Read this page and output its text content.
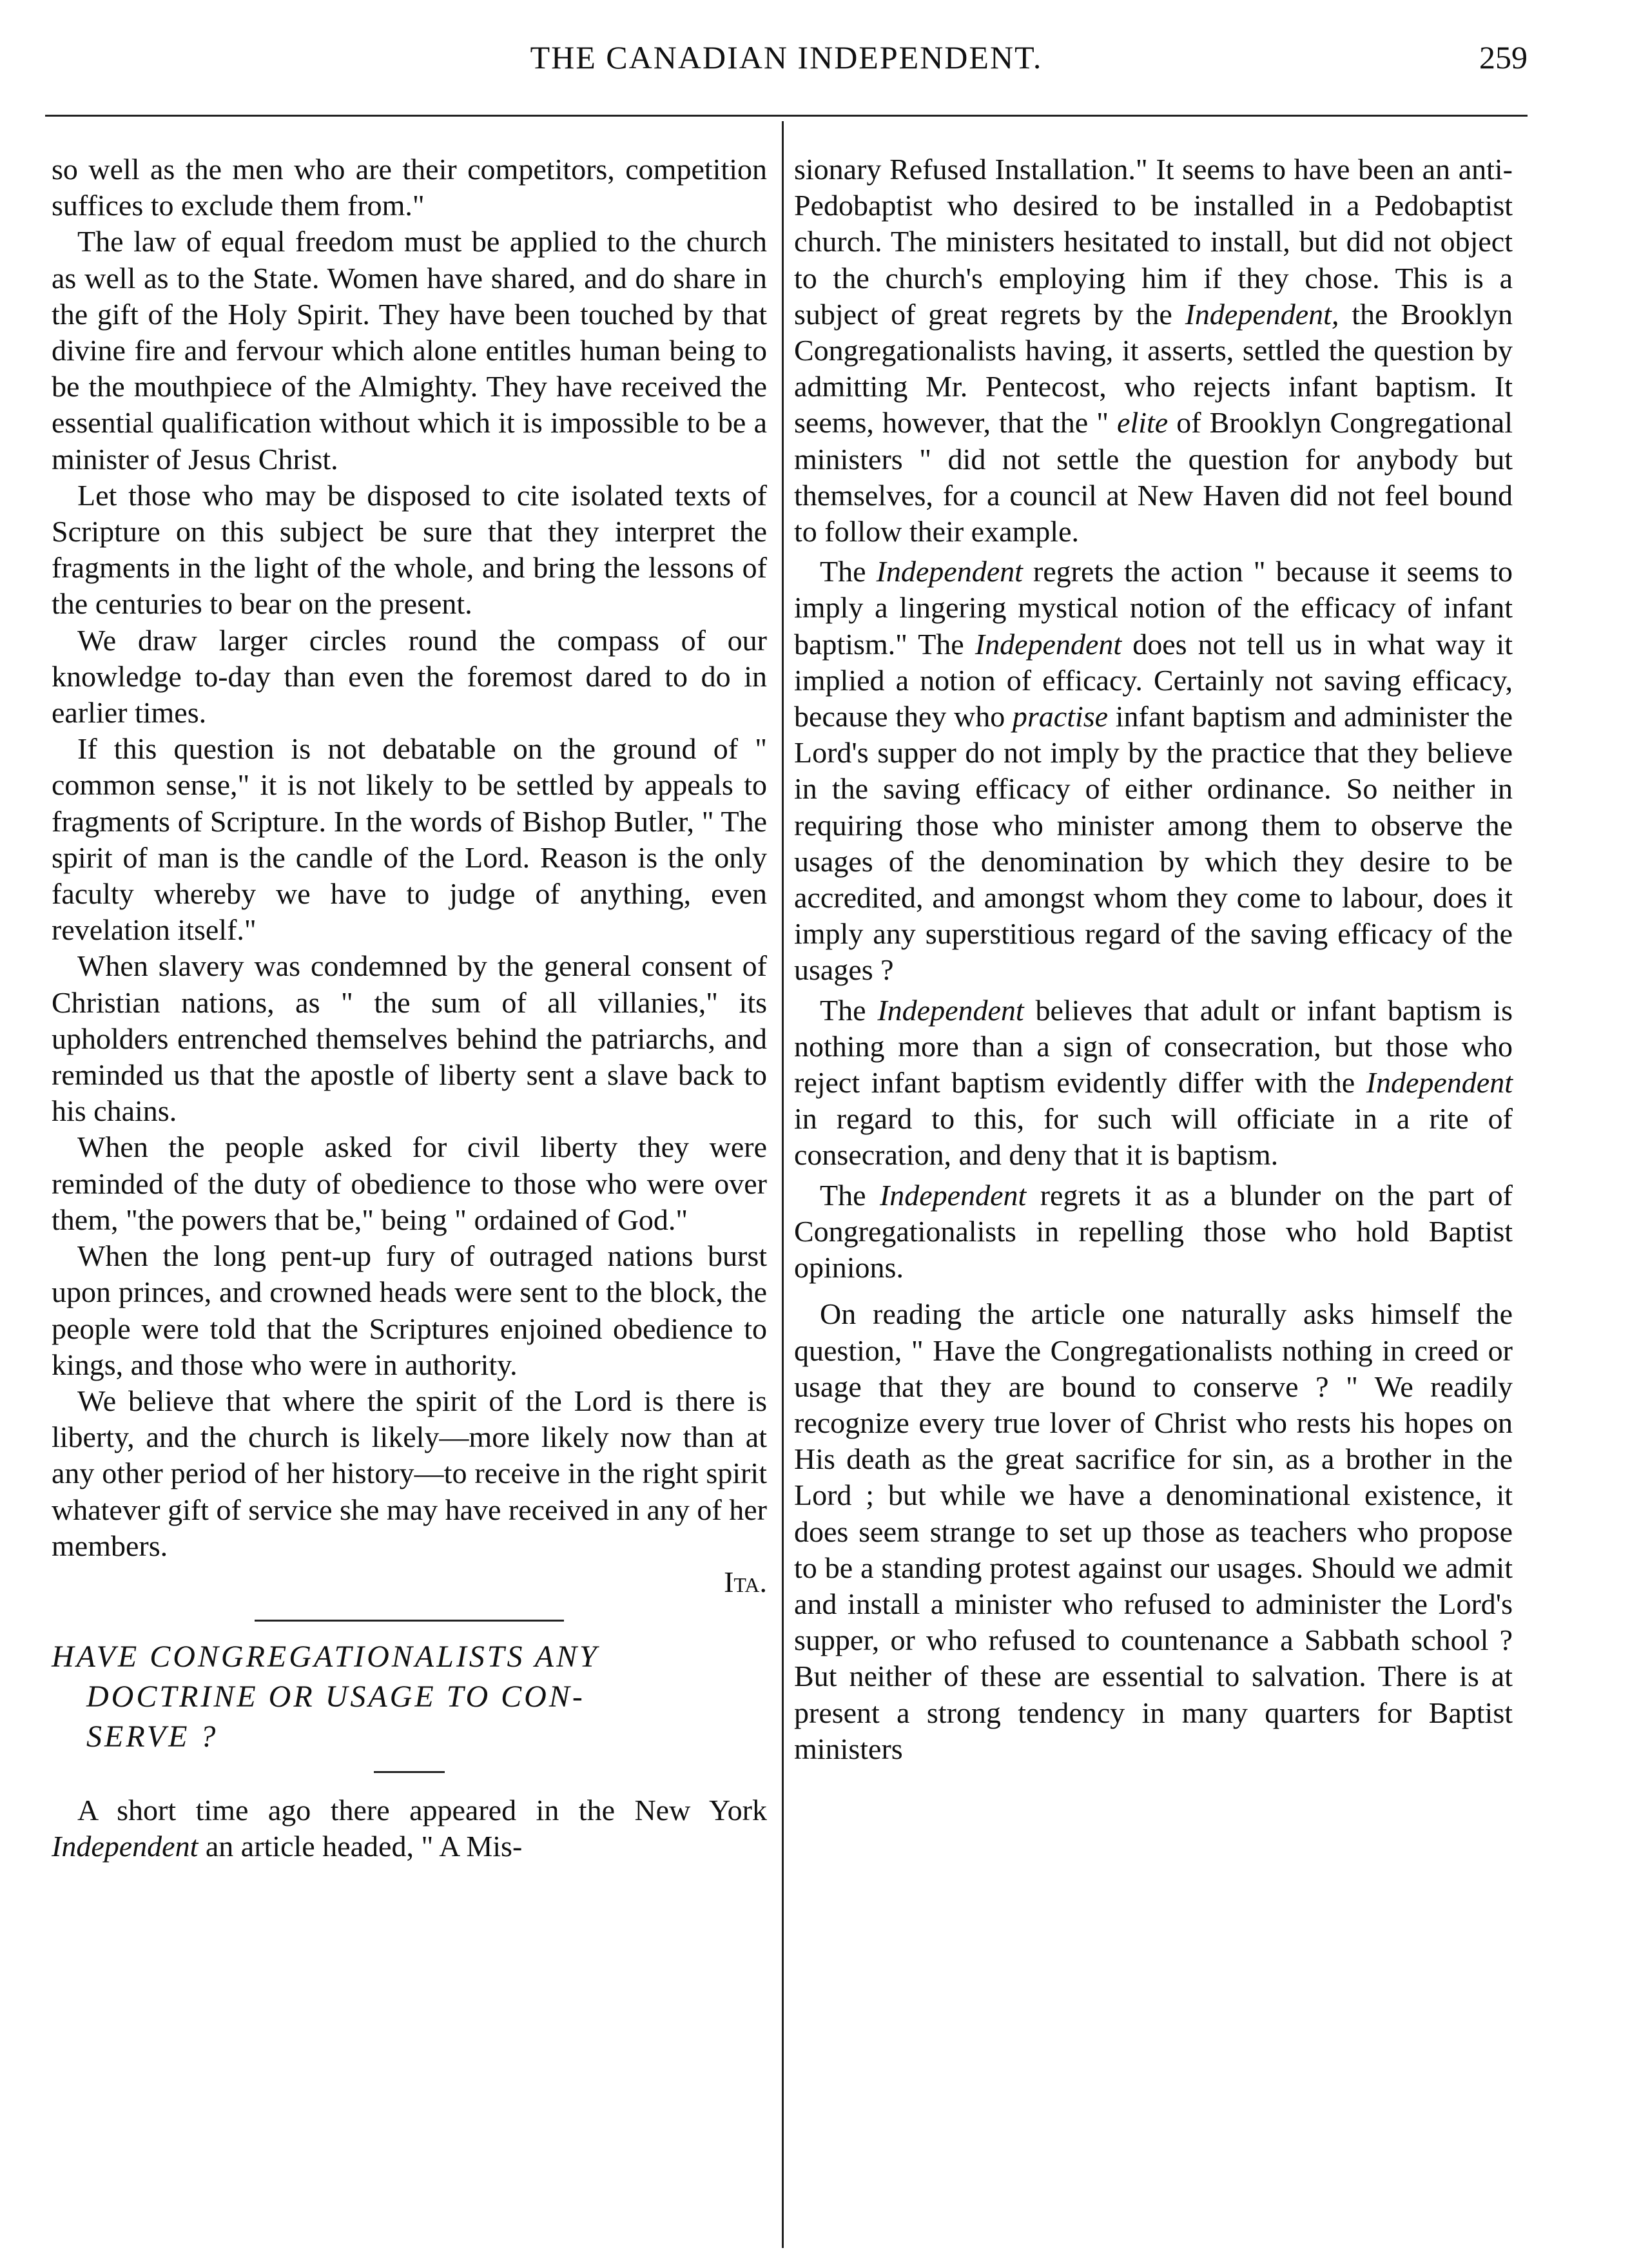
THE CANADIAN INDEPENDENT.	259

so well as the men who are their competitors, competition suffices to exclude them from."

The law of equal freedom must be applied to the church as well as to the State. Women have shared, and do share in the gift of the Holy Spirit. They have been touched by that divine fire and fervour which alone entitles human being to be the mouthpiece of the Almighty. They have received the essential qualification without which it is impossible to be a minister of Jesus Christ.

Let those who may be disposed to cite isolated texts of Scripture on this subject be sure that they interpret the fragments in the light of the whole, and bring the lessons of the centuries to bear on the present.

We draw larger circles round the compass of our knowledge to-day than even the foremost dared to do in earlier times.

If this question is not debatable on the ground of " common sense," it is not likely to be settled by appeals to fragments of Scripture. In the words of Bishop Butler, " The spirit of man is the candle of the Lord. Reason is the only faculty whereby we have to judge of anything, even revelation itself."

When slavery was condemned by the general consent of Christian nations, as " the sum of all villanies," its upholders entrenched themselves behind the patriarchs, and reminded us that the apostle of liberty sent a slave back to his chains.

When the people asked for civil liberty they were reminded of the duty of obedience to those who were over them, "the powers that be," being " ordained of God."

When the long pent-up fury of outraged nations burst upon princes, and crowned heads were sent to the block, the people were told that the Scriptures enjoined obedience to kings, and those who were in authority.

We believe that where the spirit of the Lord is there is liberty, and the church is likely—more likely now than at any other period of her history—to receive in the right spirit whatever gift of service she may have received in any of her members.

Ita.
HAVE CONGREGATIONALISTS ANY
DOCTRINE OR USAGE TO CON-
SERVE ?

A short time ago there appeared in the New York Independent an article headed, " A Mis-

sionary Refused Installation." It seems to have been an anti-Pedobaptist who desired to be installed in a Pedobaptist church. The ministers hesitated to install, but did not object to the church's employing him if they chose. This is a subject of great regrets by the Independent, the Brooklyn Congregationalists having, it asserts, settled the question by admitting Mr. Pentecost, who rejects infant baptism. It seems, however, that the " elite of Brooklyn Congregational ministers " did not settle the question for anybody but themselves, for a council at New Haven did not feel bound to follow their example.

The Independent regrets the action " because it seems to imply a lingering mystical notion of the efficacy of infant baptism." The Independent does not tell us in what way it implied a notion of efficacy. Certainly not saving efficacy, because they who practise infant baptism and administer the Lord's supper do not imply by the practice that they believe in the saving efficacy of either ordinance. So neither in requiring those who minister among them to observe the usages of the denomination by which they desire to be accredited, and amongst whom they come to labour, does it imply any superstitious regard of the saving efficacy of the usages ?

The Independent believes that adult or infant baptism is nothing more than a sign of consecration, but those who reject infant baptism evidently differ with the Independent in regard to this, for such will officiate in a rite of consecration, and deny that it is baptism.

The Independent regrets it as a blunder on the part of Congregationalists in repelling those who hold Baptist opinions.

On reading the article one naturally asks himself the question, " Have the Congregationalists nothing in creed or usage that they are bound to conserve ? " We readily recognize every true lover of Christ who rests his hopes on His death as the great sacrifice for sin, as a brother in the Lord ; but while we have a denominational existence, it does seem strange to set up those as teachers who propose to be a standing protest against our usages. Should we admit and install a minister who refused to administer the Lord's supper, or who refused to countenance a Sabbath school ? But neither of these are essential to salvation. There is at present a strong tendency in many quarters for Baptist ministers
